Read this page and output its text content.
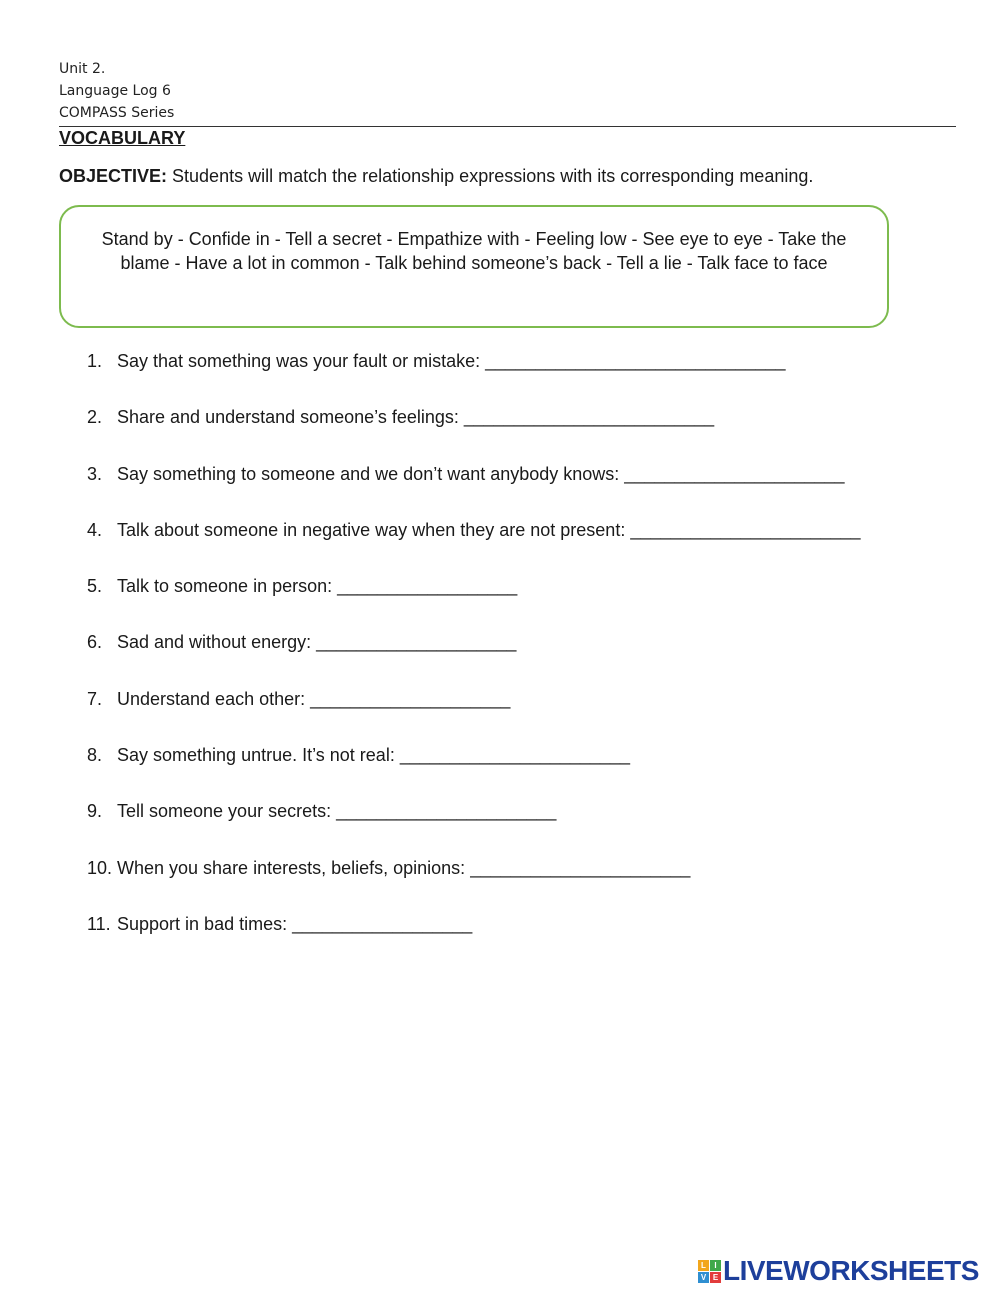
Unit 2.
Language Log 6
COMPASS Series
VOCABULARY
OBJECTIVE: Students will match the relationship expressions with its corresponding meaning.
Stand by - Confide in - Tell a secret - Empathize with - Feeling low - See eye to eye - Take the blame - Have a lot in common - Talk behind someone’s back - Tell a lie - Talk face to face
1. Say that something was your fault or mistake: ______________________________
2. Share and understand someone’s feelings: _________________________
3. Say something to someone and we don’t want anybody knows: ______________________
4. Talk about someone in negative way when they are not present: _______________________
5. Talk to someone in person: __________________
6. Sad and without energy: ____________________
7. Understand each other: ____________________
8. Say something untrue. It’s not real: _______________________
9. Tell someone your secrets: ______________________
10. When you share interests, beliefs, opinions: ______________________
11. Support in bad times: __________________
L	I
V E LIVEWORKSHEETS
